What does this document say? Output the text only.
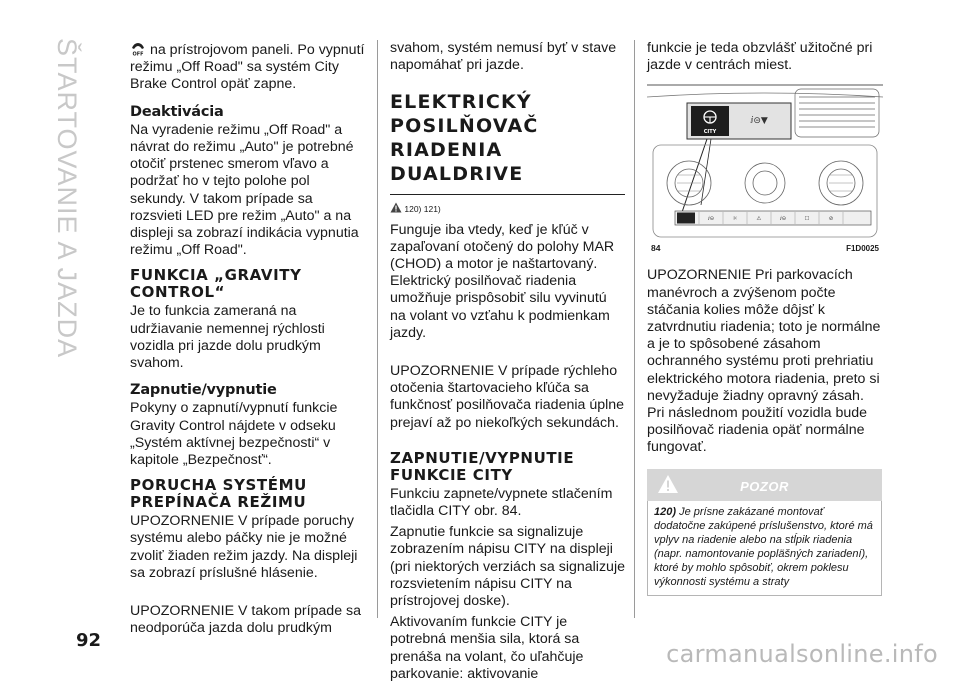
ŠTARTOVANIE A JAZDA	OFF na prístrojovom paneli. Po vypnutí režimu „Off Road" sa systém City Brake Control opäť zapne.

Deaktivácia

Na vyradenie režimu „Off Road" a návrat do režimu „Auto" je potrebné otočiť prstenec smerom vľavo a podržať ho v tejto polohe pol sekundy. V takom prípade sa rozsvieti LED pre režim „Auto" a na displeji sa zobrazí indikácia vypnutia režimu „Off Road".

FUNKCIA „GRAVITY CONTROL“

Je to funkcia zameraná na udržiavanie nemennej rýchlosti vozidla pri jazde dolu prudkým svahom.

Zapnutie/vypnutie

Pokyny o zapnutí/vypnutí funkcie Gravity Control nájdete v odseku „Systém aktívnej bezpečnosti“ v kapitole „Bezpečnosť“.

PORUCHA SYSTÉMU PREPÍNAČA REŽIMU

UPOZORNENIE V prípade poruchy systému alebo páčky nie je možné zvoliť žiaden režim jazdy. Na displeji sa zobrazí príslušné hlásenie.

UPOZORNENIE V takom prípade sa neodporúča jazda dolu prudkým

svahom, systém nemusí byť v stave napomáhať pri jazde.

ELEKTRICKÝ POSILŇOVAČ RIADENIA DUALDRIVE

120) 121)

Funguje iba vtedy, keď je kľúč v zapaľovaní otočený do polohy MAR (CHOD) a motor je naštartovaný. Elektrický posilňovač riadenia umožňuje prispôsobiť silu vyvinutú na volant vo vzťahu k podmienkam jazdy.

UPOZORNENIE V prípade rýchleho otočenia štartovacieho kľúča sa funkčnosť posilňovača riadenia úplne prejaví až po niekoľkých sekundách.

ZAPNUTIE/VYPNUTIE FUNKCIE CITY

Funkciu zapnete/vypnete stlačením tlačidla CITY obr. 84.

Zapnutie funkcie sa signalizuje zobrazením nápisu CITY na displeji (pri niektorých verziách sa signalizuje rozsvietením nápisu CITY na prístrojovej doske).

Aktivovaním funkcie CITY je potrebná menšia sila, ktorá sa prenáša na volant, čo uľahčuje parkovanie: aktivovanie

funkcie je teda obzvlášť užitočné pri jazde v centrách miest.

CITY
ⅈ⊝▼
ⅈ⊝	☼	⚠	ⅈ⊝	☐	⊘
84	F1D0025

UPOZORNENIE Pri parkovacích manévroch a zvýšenom počte stáčania kolies môže dôjsť k zatvrdnutiu riadenia; toto je normálne a je to spôsobené zásahom ochranného systému proti prehriatiu elektrického motora riadenia, preto si nevyžaduje žiadny opravný zásah. Pri následnom použití vozidla bude posilňovač riadenia opäť normálne fungovať.

POZOR
120) Je prísne zakázané montovať dodatočne zakúpené príslušenstvo, ktoré má vplyv na riadenie alebo na stĺpik riadenia (napr. namontovanie popläšných zariadení), ktoré by mohlo spôsobiť, okrem poklesu výkonnosti systému a straty
92	carmanualsonline.info
